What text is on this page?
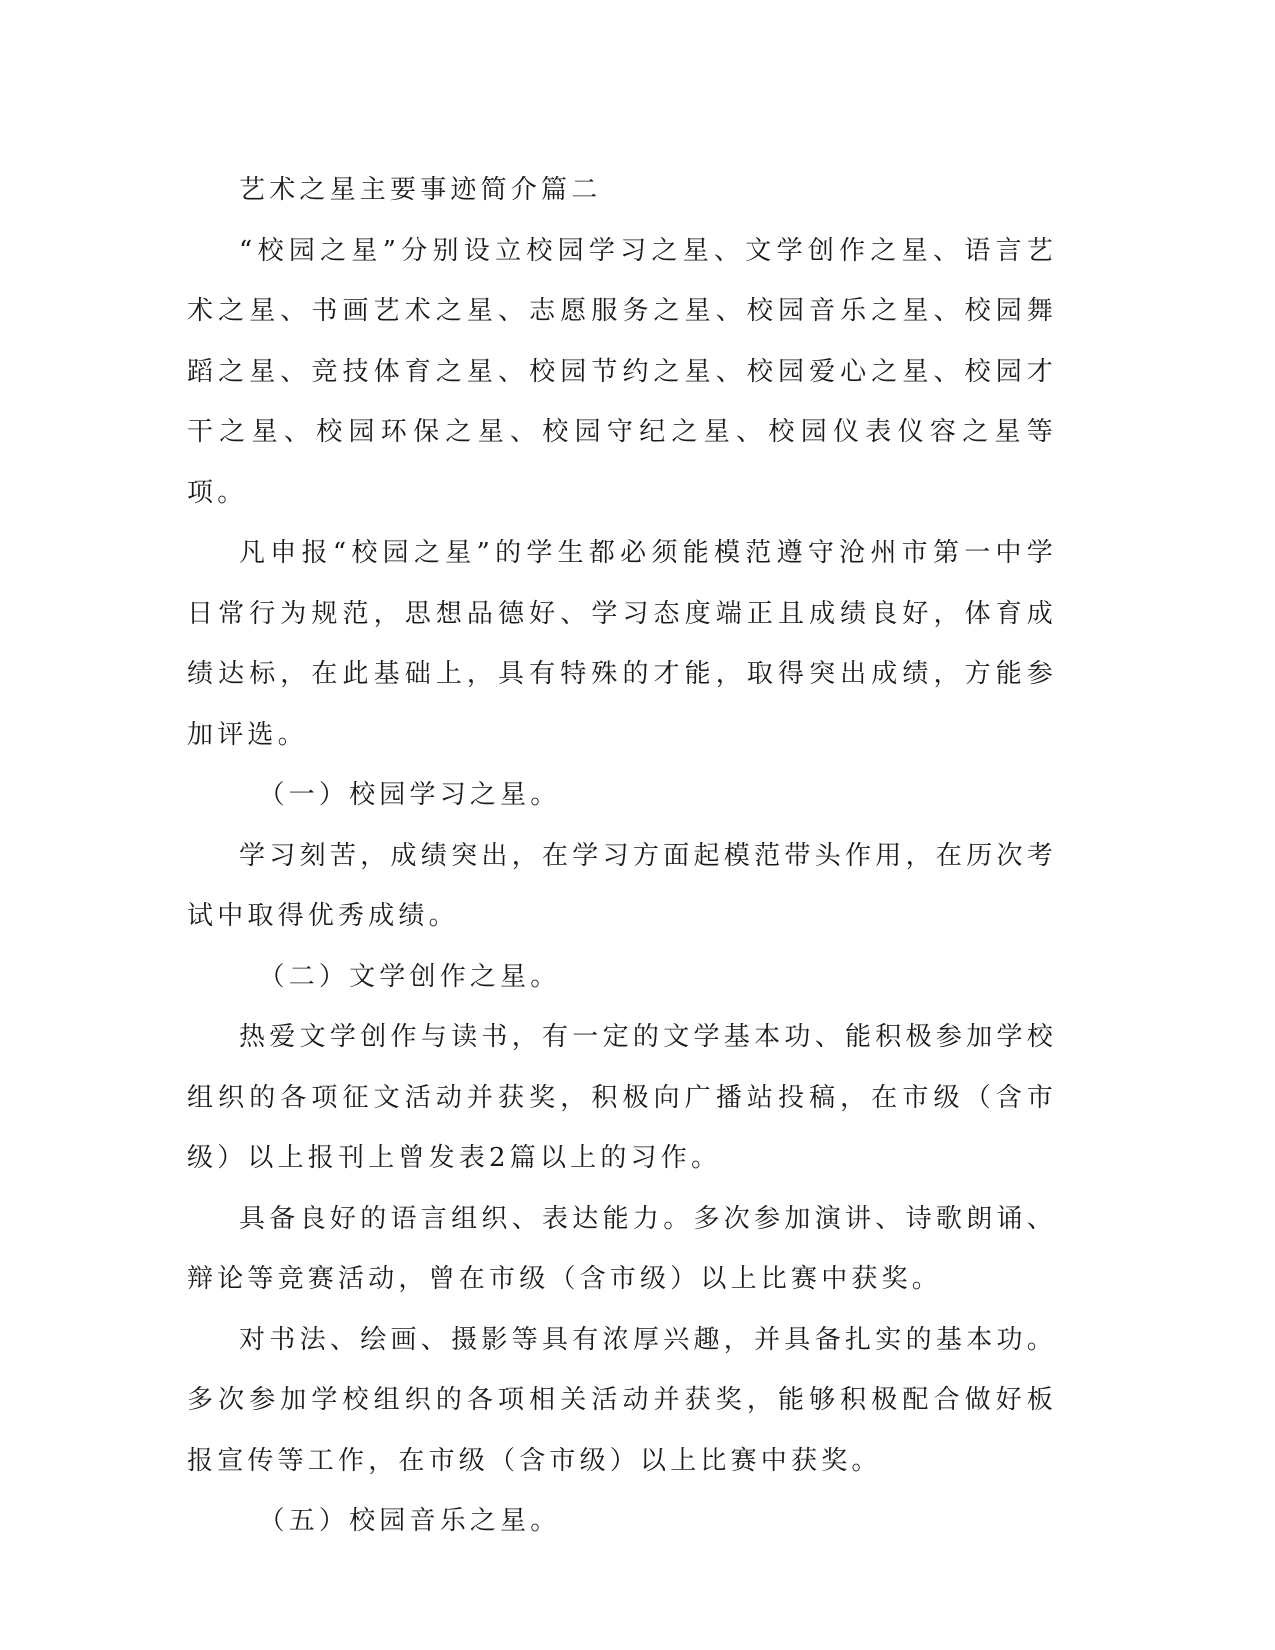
艺术之星主要事迹简介篇二

“校园之星”分别设立校园学习之星、文学创作之星、语言艺术之星、书画艺术之星、志愿服务之星、校园音乐之星、校园舞蹈之星、竞技体育之星、校园节约之星、校园爱心之星、校园才干之星、校园环保之星、校园守纪之星、校园仪表仪容之星等项。

凡申报“校园之星”的学生都必须能模范遵守沧州市第一中学日常行为规范，思想品德好、学习态度端正且成绩良好，体育成绩达标，在此基础上，具有特殊的才能，取得突出成绩，方能参加评选。

（一）校园学习之星。

学习刻苦，成绩突出，在学习方面起模范带头作用，在历次考试中取得优秀成绩。

（二）文学创作之星。

热爱文学创作与读书，有一定的文学基本功、能积极参加学校组织的各项征文活动并获奖，积极向广播站投稿，在市级（含市级）以上报刊上曾发表2篇以上的习作。

具备良好的语言组织、表达能力。多次参加演讲、诗歌朗诵、辩论等竞赛活动，曾在市级（含市级）以上比赛中获奖。

对书法、绘画、摄影等具有浓厚兴趣，并具备扎实的基本功。多次参加学校组织的各项相关活动并获奖，能够积极配合做好板报宣传等工作，在市级（含市级）以上比赛中获奖。

（五）校园音乐之星。
